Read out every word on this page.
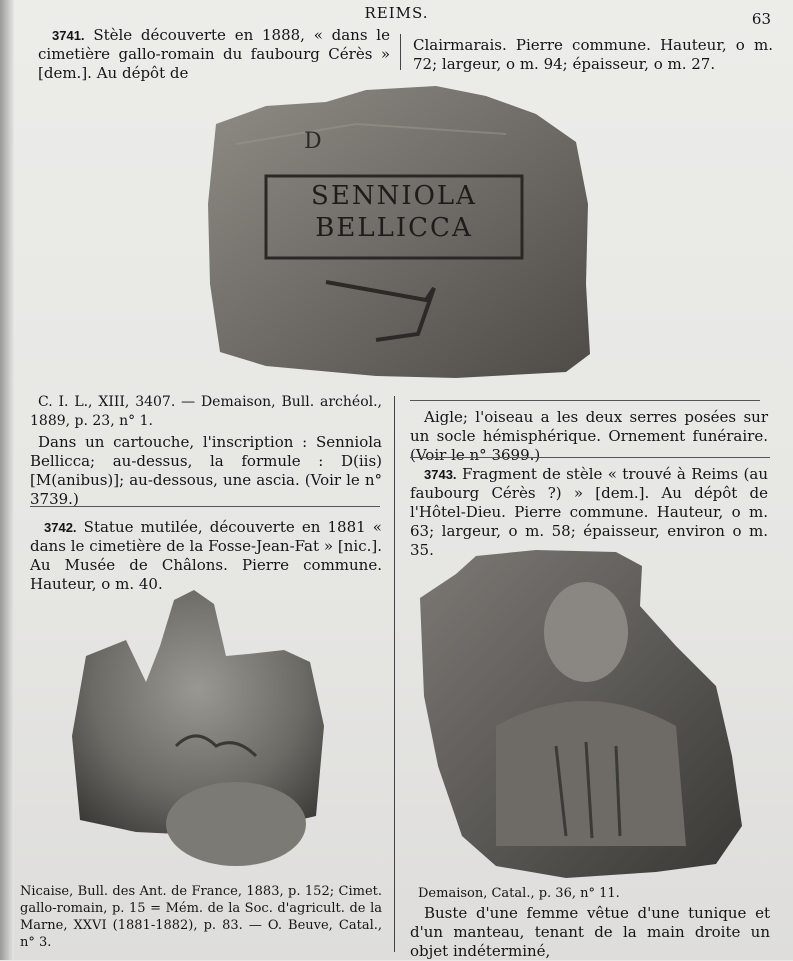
REIMS.	63

3741. Stèle découverte en 1888, « dans le cimetière gallo-romain du faubourg Cérès » [dem.]. Au dépôt de

Clairmarais. Pierre commune. Hauteur, o m. 72; largeur, o m. 94; épaisseur, o m. 27.

D
SENNIOLA
BELLICCA

C. I. L., XIII, 3407. — Demaison, Bull. archéol., 1889, p. 23, n° 1.

Dans un cartouche, l'inscription : Senniola Bellicca; au-dessus, la formule : D(iis) [M(anibus)]; au-dessous, une ascia. (Voir le n° 3739.)

Aigle; l'oiseau a les deux serres posées sur un socle hémisphérique. Ornement funéraire. (Voir le n° 3699.)

3742. Statue mutilée, découverte en 1881 « dans le cimetière de la Fosse-Jean-Fat » [nic.]. Au Musée de Châlons. Pierre commune. Hauteur, o m. 40.

3743. Fragment de stèle « trouvé à Reims (au faubourg Cérès ?) » [dem.]. Au dépôt de l'Hôtel-Dieu. Pierre commune. Hauteur, o m. 63; largeur, o m. 58; épaisseur, environ o m. 35.

Nicaise, Bull. des Ant. de France, 1883, p. 152; Cimet. gallo-romain, p. 15 = Mém. de la Soc. d'agricult. de la Marne, XXVI (1881-1882), p. 83. — O. Beuve, Catal., n° 3.

Demaison, Catal., p. 36, n° 11.

Buste d'une femme vêtue d'une tunique et d'un manteau, tenant de la main droite un objet indéterminé,
